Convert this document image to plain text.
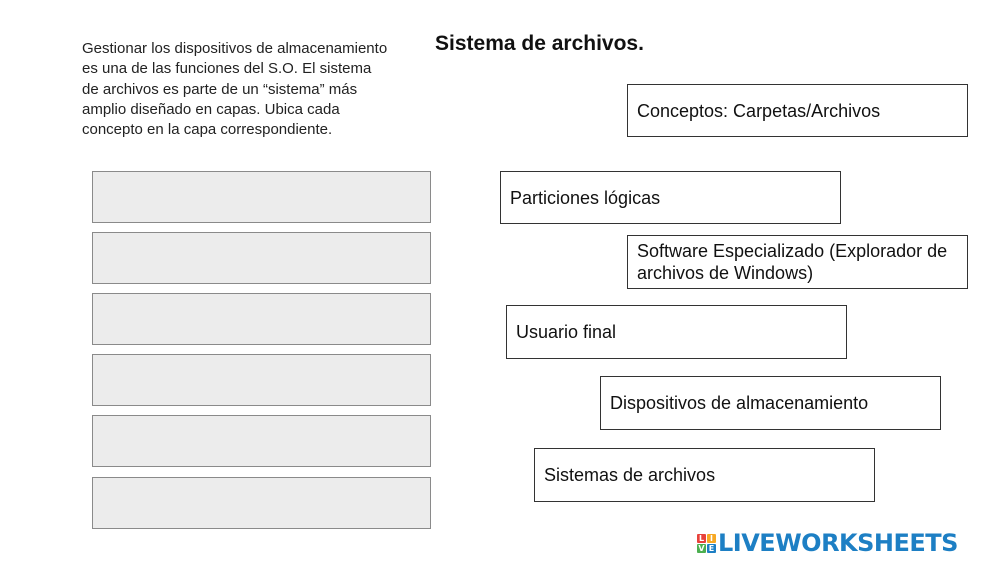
Gestionar los dispositivos de almacenamiento es una de las funciones del S.O. El sistema de archivos es parte de un “sistema” más amplio diseñado en capas. Ubica cada concepto en la capa correspondiente.
Sistema de archivos.
Conceptos: Carpetas/Archivos
Particiones lógicas
Software Especializado (Explorador de archivos de Windows)
Usuario final
Dispositivos de almacenamiento
Sistemas de archivos
L I
V E LIVEWORKSHEETS
